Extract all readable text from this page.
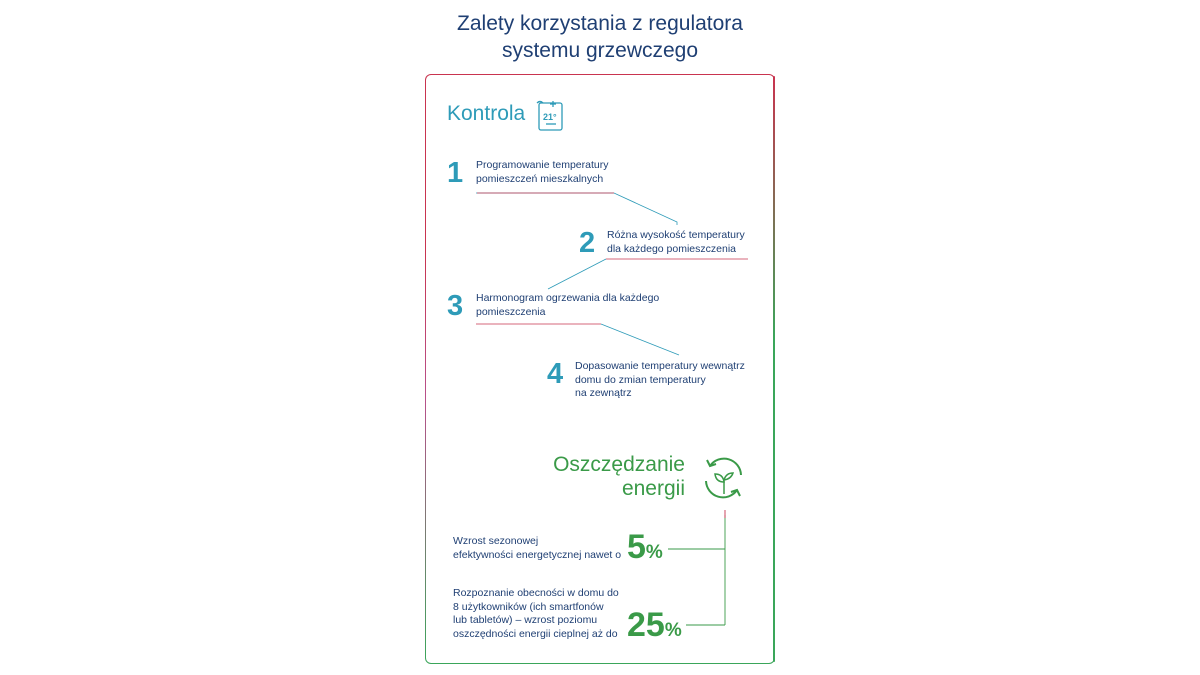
Zalety korzystania z regulatora
systemu grzewczego
Kontrola 21°
1 Programowanie temperatury
pomieszczeń mieszkalnych
2 Różna wysokość temperatury
dla każdego pomieszczenia
3 Harmonogram ogrzewania dla każdego
pomieszczenia
4 Dopasowanie temperatury wewnątrz
domu do zmian temperatury
na zewnątrz
Oszczędzanie
energii
Wzrost sezonowej
efektywności energetycznej nawet o 5%
Rozpoznanie obecności w domu do
8 użytkowników (ich smartfonów
lub tabletów) – wzrost poziomu
oszczędności energii cieplnej aż do 25%
